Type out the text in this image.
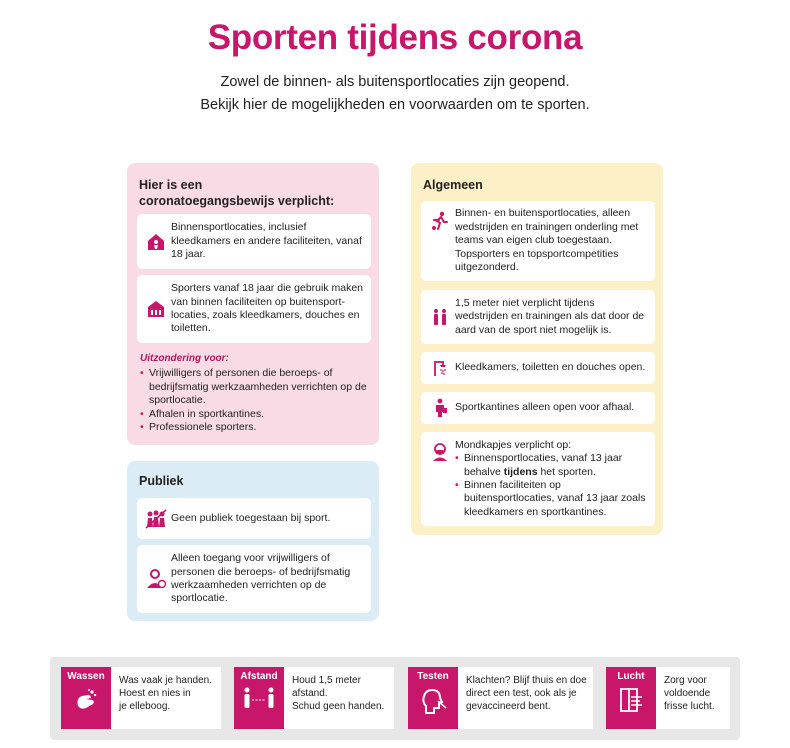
Sporten tijdens corona
Zowel de binnen- als buitensportlocaties zijn geopend.
Bekijk hier de mogelijkheden en voorwaarden om te sporten.
Hier is een coronatoegangsbewijs verplicht:
Binnensportlocaties, inclusief kleedkamers en andere faciliteiten, vanaf 18 jaar.
Sporters vanaf 18 jaar die gebruik maken van binnen faciliteiten op buitensport-locaties, zoals kleedkamers, douches en toiletten.
Uitzondering voor:
• Vrijwilligers of personen die beroeps- of bedrijfsmatig werkzaamheden verrichten op de sportlocatie.
• Afhalen in sportkantines.
• Professionele sporters.
Publiek
Geen publiek toegestaan bij sport.
Alleen toegang voor vrijwilligers of personen die beroeps- of bedrijfsmatig werkzaamheden verrichten op de sportlocatie.
Algemeen
Binnen- en buitensportlocaties, alleen wedstrijden en trainingen onderling met teams van eigen club toegestaan. Topsporters en topsportcompetities uitgezonderd.
1,5 meter niet verplicht tijdens wedstrijden en trainingen als dat door de aard van de sport niet mogelijk is.
Kleedkamers, toiletten en douches open.
Sportkantines alleen open voor afhaal.
Mondkapjes verplicht op:
• Binnensportlocaties, vanaf 13 jaar behalve tijdens het sporten.
• Binnen faciliteiten op buitensportlocaties, vanaf 13 jaar zoals kleedkamers en sportkantines.
Wassen Was vaak je handen.
Hoest en nies in
je elleboog.
Afstand Houd 1,5 meter
afstand.
Schud geen handen.
Testen Klachten? Blijf thuis en doe
direct een test, ook als je
gevaccineerd bent.
Lucht Zorg voor
voldoende
frisse lucht.
